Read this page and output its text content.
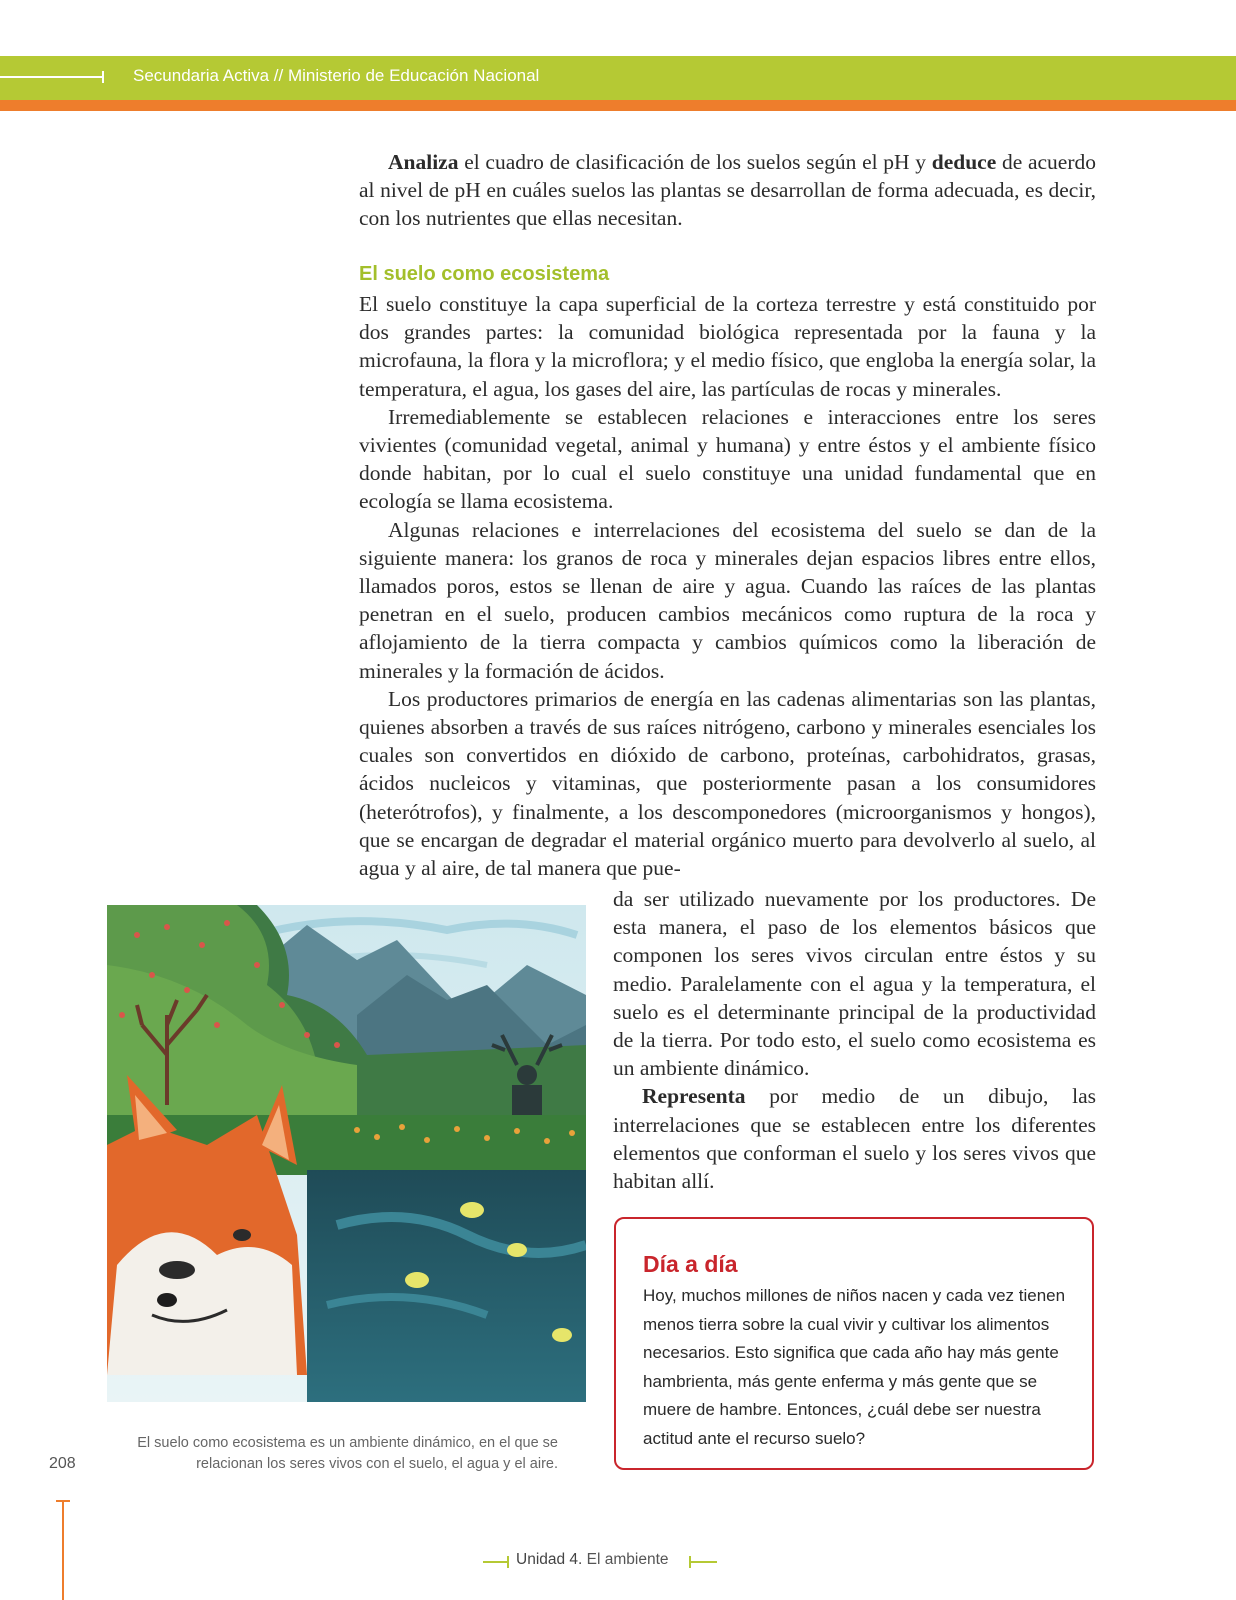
Secundaria Activa // Ministerio de Educación Nacional

Analiza el cuadro de clasificación de los suelos según el pH y deduce de acuerdo al nivel de pH en cuáles suelos las plantas se desarrollan de forma adecuada, es decir, con los nutrientes que ellas necesitan.

El suelo como ecosistema

El suelo constituye la capa superficial de la corteza terrestre y está constituido por dos grandes partes: la comunidad biológica representada por la fauna y la microfauna, la flora y la microflora; y el medio físico, que engloba la energía solar, la temperatura, el agua, los gases del aire, las partículas de rocas y minerales.

Irremediablemente se establecen relaciones e interacciones entre los seres vivientes (comunidad vegetal, animal y humana) y entre éstos y el ambiente físico donde habitan, por lo cual el suelo constituye una unidad fundamental que en ecología se llama ecosistema.

Algunas relaciones e interrelaciones del ecosistema del suelo se dan de la siguiente manera: los granos de roca y minerales dejan espacios libres entre ellos, llamados poros, estos se llenan de aire y agua. Cuando las raíces de las plantas penetran en el suelo, producen cambios mecánicos como ruptura de la roca y aflojamiento de la tierra compacta y cambios químicos como la liberación de minerales y la formación de ácidos.

Los productores primarios de energía en las cadenas alimentarias son las plantas, quienes absorben a través de sus raíces nitrógeno, carbono y minerales esenciales los cuales son convertidos en dióxido de carbono, proteínas, carbohidratos, grasas, ácidos nucleicos y vitaminas, que posteriormente pasan a los consumidores (heterótrofos), y finalmente, a los descomponedores (microorganismos y hongos), que se encargan de degradar el material orgánico muerto para devolverlo al suelo, al agua y al aire, de tal manera que pue-

da ser utilizado nuevamente por los productores. De esta manera, el paso de los elementos básicos que componen los seres vivos circulan entre éstos y su medio. Paralelamente con el agua y la temperatura, el suelo es el determinante principal de la productividad de la tierra. Por todo esto, el suelo como ecosistema es un ambiente dinámico.

Representa por medio de un dibujo, las interrelaciones que se establecen entre los diferentes elementos que conforman el suelo y los seres vivos que habitan allí.

El suelo como ecosistema es un ambiente dinámico, en el que se relacionan los seres vivos con el suelo, el agua y el aire.

208
Día a día

Hoy, muchos millones de niños nacen y cada vez tienen menos tierra sobre la cual vivir y cultivar los alimentos necesarios. Esto significa que cada año hay más gente hambrienta, más gente enferma y más gente que se muere de hambre. Entonces, ¿cuál debe ser nuestra actitud ante el recurso suelo?

Unidad 4. El ambiente
